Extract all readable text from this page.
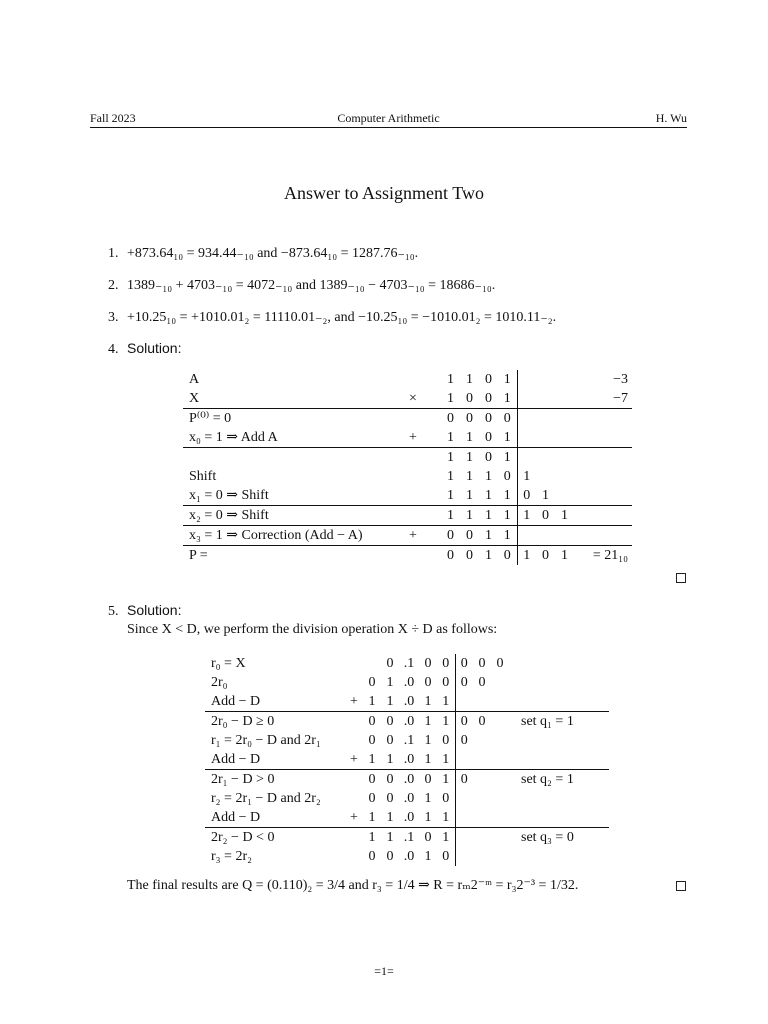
Fall 2023	Computer Arithmetic	H. Wu
Answer to Assignment Two
1. +873.64₁₀ = 934.44₋₁₀ and −873.64₁₀ = 1287.76₋₁₀.
2. 1389₋₁₀ + 4703₋₁₀ = 4072₋₁₀ and 1389₋₁₀ − 4703₋₁₀ = 18686₋₁₀.
3. +10.25₁₀ = +1010.01₂ = 11110.01₋₂, and −10.25₁₀ = −1010.01₂ = 1010.11₋₂.
4. Solution:
A		1	1	0	1				−3
X	×	1	0	0	1				−7
P⁽⁰⁾ = 0		0	0	0	0				
x₀ = 1 ⇒ Add A	+	1	1	0	1				
		1	1	0	1				
Shift		1	1	1	0	1			
x₁ = 0 ⇒ Shift		1	1	1	1	0	1		
x₂ = 0 ⇒ Shift		1	1	1	1	1	0	1	
x₃ = 1 ⇒ Correction (Add − A)	+	0	0	1	1				
P =		0	0	1	0	1	0	1	= 21₁₀
5. Solution:
Since X < D, we perform the division operation X ÷ D as follows:
r₀ = X			0	.1	0	0	0	0	0	
2r₀		0	1	.0	0	0	0	0		
Add − D	+	1	1	.0	1	1				
2r₀ − D ≥ 0		0	0	.0	1	1	0	0		set q₁ = 1
r₁ = 2r₀ − D and 2r₁		0	0	.1	1	0	0			
Add − D	+	1	1	.0	1	1				
2r₁ − D > 0		0	0	.0	0	1	0			set q₂ = 1
r₂ = 2r₁ − D and 2r₂		0	0	.0	1	0				
Add − D	+	1	1	.0	1	1				
2r₂ − D < 0		1	1	.1	0	1				set q₃ = 0
r₃ = 2r₂		0	0	.0	1	0				
The final results are Q = (0.110)₂ = 3/4 and r₃ = 1/4 ⇒ R = rₘ2⁻ᵐ = r₃2⁻³ = 1/32.
=1=
